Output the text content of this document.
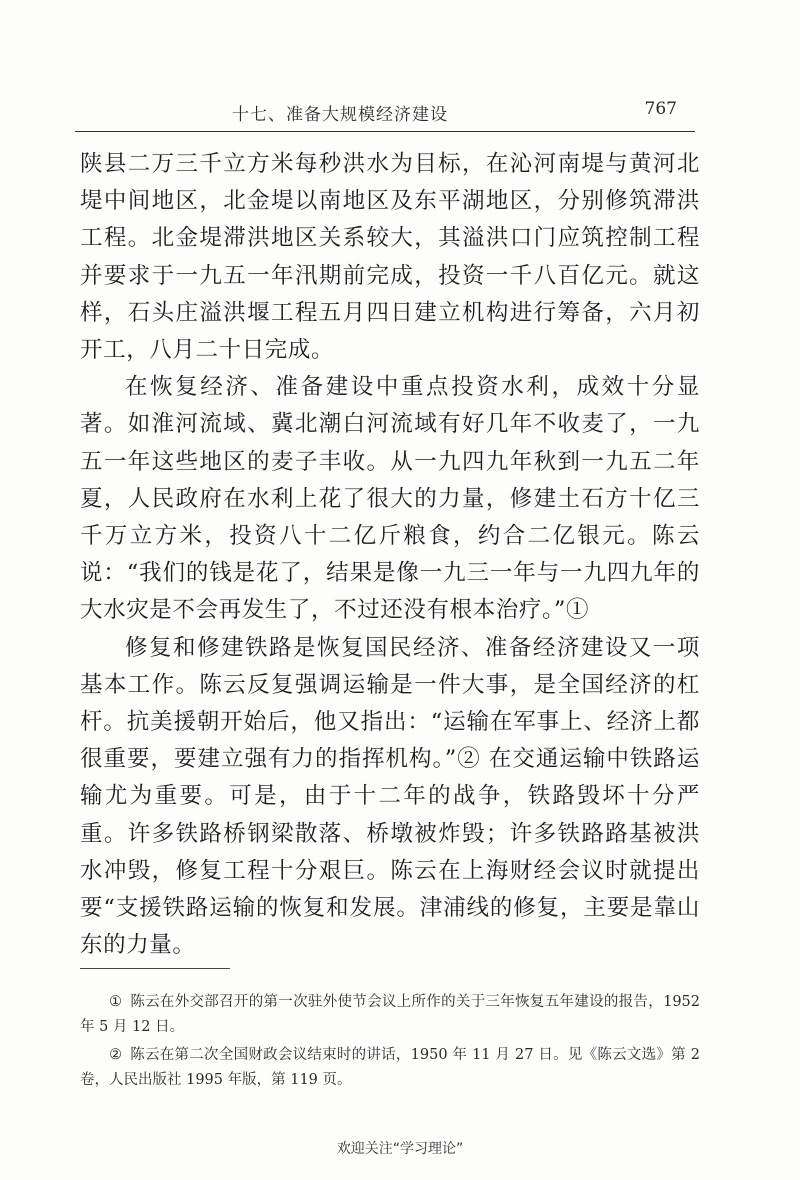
十七、准备大规模经济建设	767

陕县二万三千立方米每秒洪水为目标，在沁河南堤与黄河北堤中间地区，北金堤以南地区及东平湖地区，分别修筑滞洪工程。北金堤滞洪地区关系较大，其溢洪口门应筑控制工程并要求于一九五一年汛期前完成，投资一千八百亿元。就这样，石头庄溢洪堰工程五月四日建立机构进行筹备，六月初开工，八月二十日完成。

在恢复经济、准备建设中重点投资水利，成效十分显著。如淮河流域、冀北潮白河流域有好几年不收麦了，一九五一年这些地区的麦子丰收。从一九四九年秋到一九五二年夏，人民政府在水利上花了很大的力量，修建土石方十亿三千万立方米，投资八十二亿斤粮食，约合二亿银元。陈云说：“我们的钱是花了，结果是像一九三一年与一九四九年的大水灾是不会再发生了，不过还没有根本治疗。”①

修复和修建铁路是恢复国民经济、准备经济建设又一项基本工作。陈云反复强调运输是一件大事，是全国经济的杠杆。抗美援朝开始后，他又指出：“运输在军事上、经济上都很重要，要建立强有力的指挥机构。”② 在交通运输中铁路运输尤为重要。可是，由于十二年的战争，铁路毁坏十分严重。许多铁路桥钢梁散落、桥墩被炸毁；许多铁路路基被洪水冲毁，修复工程十分艰巨。陈云在上海财经会议时就提出要“支援铁路运输的恢复和发展。津浦线的修复，主要是靠山东的力量。

① 陈云在外交部召开的第一次驻外使节会议上所作的关于三年恢复五年建设的报告，1952 年 5 月 12 日。

② 陈云在第二次全国财政会议结束时的讲话，1950 年 11 月 27 日。见《陈云文选》第 2 卷，人民出版社 1995 年版，第 119 页。

欢迎关注“学习理论”
